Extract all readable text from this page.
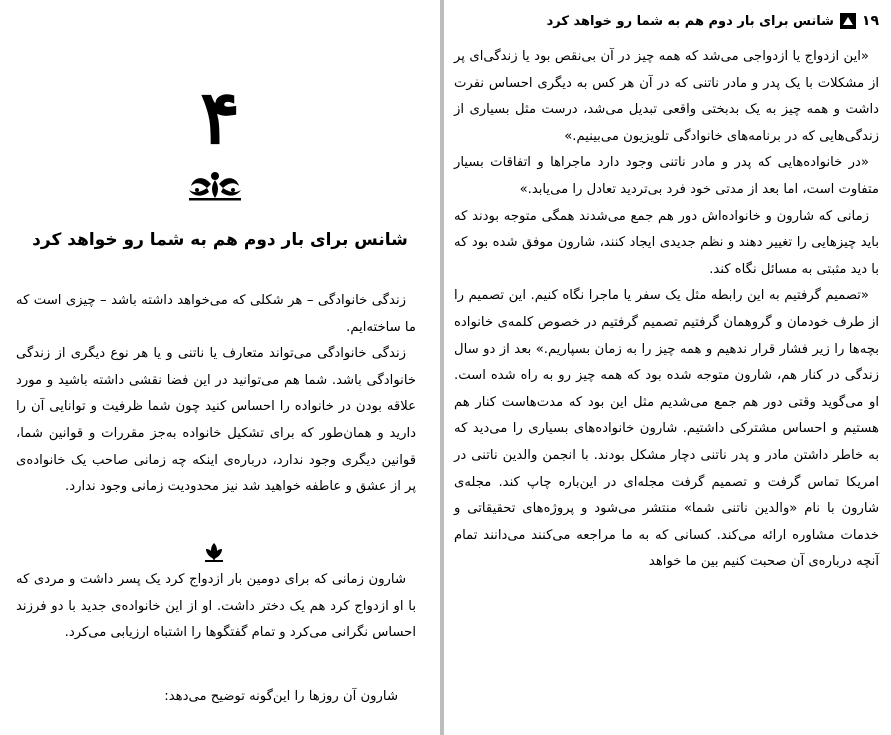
۴
شانس برای بار دوم هم به شما رو خواهد کرد

زندگی خانوادگی – هر شکلی که می‌خواهد داشته باشد – چیزی است که ما ساخته‌ایم.

زندگی خانوادگی می‌تواند متعارف یا ناتنی و یا هر نوع دیگری از زندگی خانوادگی باشد. شما هم می‌توانید در این فضا نقشی داشته باشید و مورد علاقه بودن در خانواده را احساس کنید چون شما ظرفیت و توانایی آن را دارید و همان‌طور که برای تشکیل خانواده به‌جز مقررات و قوانین شما، قوانین دیگری وجود ندارد، درباره‌ی اینکه چه زمانی صاحب یک خانواده‌ی پر از عشق و عاطفه خواهید شد نیز محدودیت زمانی وجود ندارد.

شارون زمانی که برای دومین بار ازدواج کرد یک پسر داشت و مردی که با او ازدواج کرد هم یک دختر داشت. او از این خانواده‌ی جدید با دو فرزند احساس نگرانی می‌کرد و تمام گفتگوها را اشتباه ارزیابی می‌کرد.

شارون آن روزها را این‌گونه توضیح می‌دهد:
۱۹
شانس برای بار دوم هم به شما رو خواهد کرد

«این ازدواج یا ازدواجی می‌شد که همه چیز در آن بی‌نقص بود یا زندگی‌ای پر از مشکلات با یک پدر و مادر ناتنی که در آن هر کس به دیگری احساس نفرت داشت و همه چیز به یک بدبختی واقعی تبدیل می‌شد، درست مثل بسیاری از زندگی‌هایی که در برنامه‌های خانوادگی تلویزیون می‌بینیم.»

«در خانواده‌هایی که پدر و مادر ناتنی وجود دارد ماجراها و اتفاقات بسیار متفاوت است، اما بعد از مدتی خود فرد بی‌تردید تعادل را می‌یابد.»

زمانی که شارون و خانواده‌اش دور هم جمع می‌شدند همگی متوجه بودند که باید چیزهایی را تغییر دهند و نظم جدیدی ایجاد کنند، شارون موفق شده بود که با دید مثبتی به مسائل نگاه کند.

«تصمیم گرفتیم به این رابطه مثل یک سفر یا ماجرا نگاه کنیم. این تصمیم را از طرف خودمان و گروهمان گرفتیم تصمیم گرفتیم در خصوص کلمه‌ی خانواده بچه‌ها را زیر فشار قرار ندهیم و همه چیز را به زمان بسپاریم.» بعد از دو سال زندگی در کنار هم، شارون متوجه شده بود که همه چیز رو به راه شده است. او می‌گوید وقتی دور هم جمع می‌شدیم مثل این بود که مدت‌هاست کنار هم هستیم و احساس مشترکی داشتیم. شارون خانواده‌های بسیاری را می‌دید که به خاطر داشتن مادر و پدر ناتنی دچار مشکل بودند. با انجمن والدین ناتنی در امریکا تماس گرفت و تصمیم گرفت مجله‌ای در این‌باره چاپ کند. مجله‌ی شارون با نام «والدین ناتنی شما» منتشر می‌شود و پروژه‌های تحقیقاتی و خدمات مشاوره ارائه می‌کند. کسانی که به ما مراجعه می‌کنند می‌دانند تمام آنچه درباره‌ی آن صحبت کنیم بین ما خواهد
